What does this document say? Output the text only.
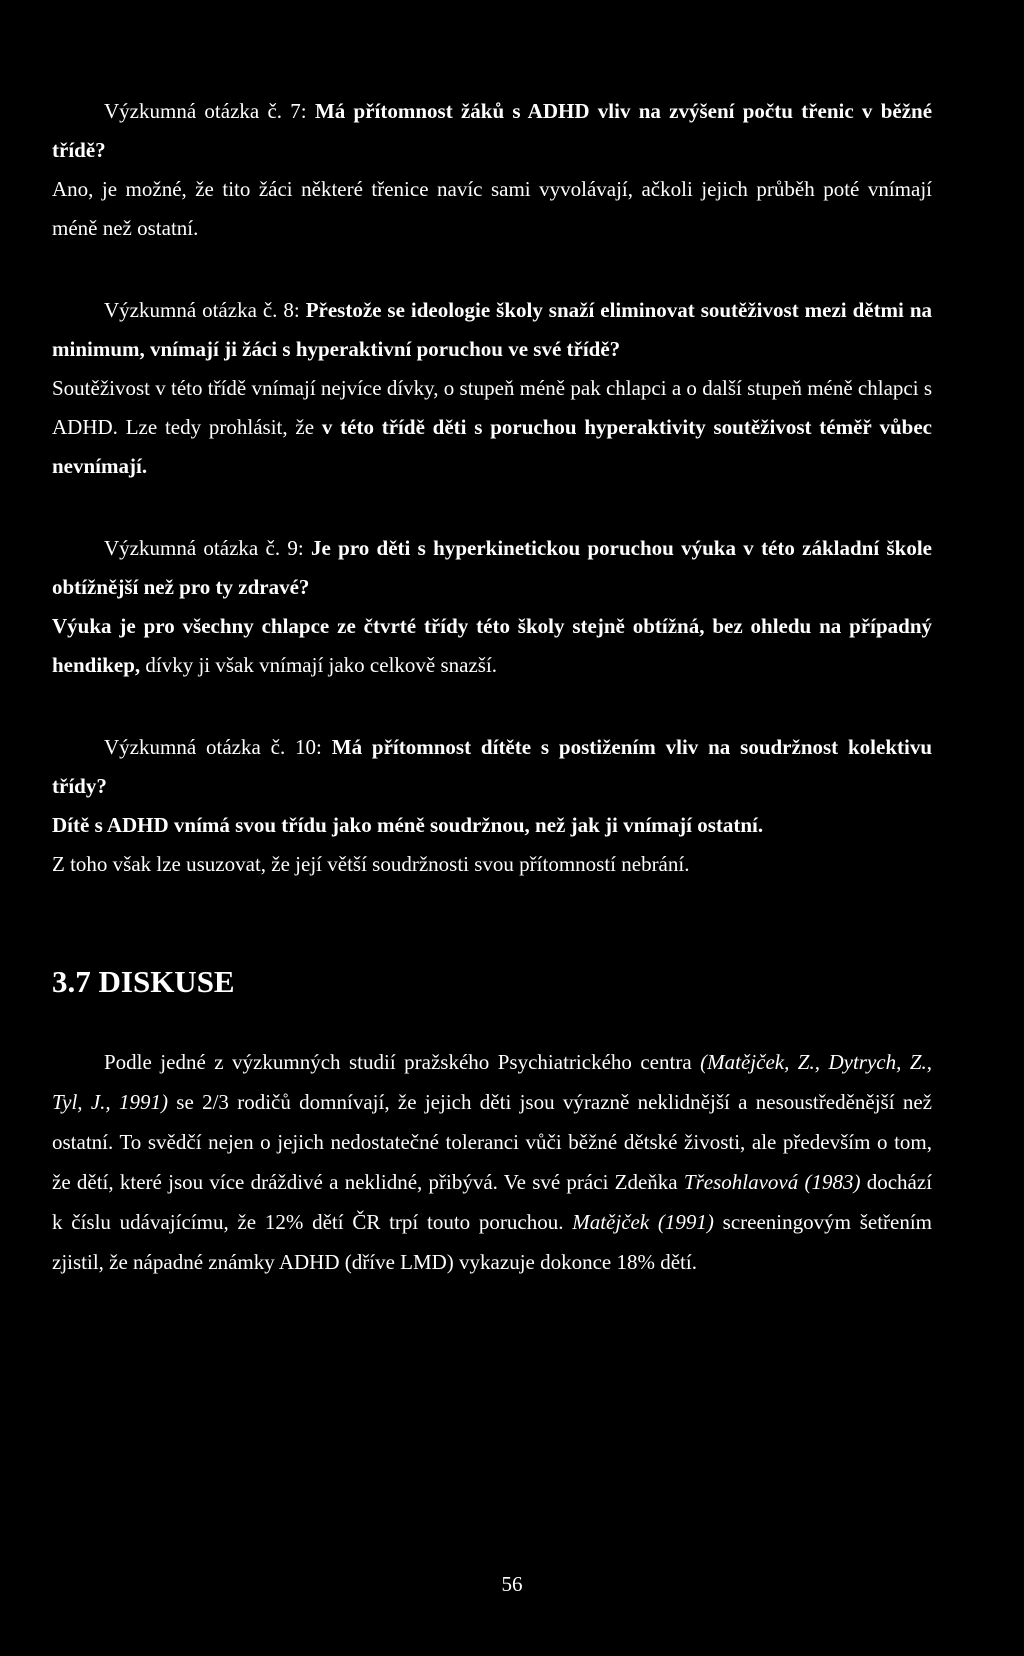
Výzkumná otázka č. 7: Má přítomnost žáků s ADHD vliv na zvýšení počtu třenic v běžné třídě?

Ano, je možné, že tito žáci některé třenice navíc sami vyvolávají, ačkoli jejich průběh poté vnímají méně než ostatní.

Výzkumná otázka č. 8: Přestože se ideologie školy snaží eliminovat soutěživost mezi dětmi na minimum, vnímají ji žáci s hyperaktivní poruchou ve své třídě?

Soutěživost v této třídě vnímají nejvíce dívky, o stupeň méně pak chlapci a o další stupeň méně chlapci s ADHD. Lze tedy prohlásit, že v této třídě děti s poruchou hyperaktivity soutěživost téměř vůbec nevnímají.

Výzkumná otázka č. 9: Je pro děti s hyperkinetickou poruchou výuka v této základní škole obtížnější než pro ty zdravé?

Výuka je pro všechny chlapce ze čtvrté třídy této školy stejně obtížná, bez ohledu na případný hendikep, dívky ji však vnímají jako celkově snazší.

Výzkumná otázka č. 10: Má přítomnost dítěte s postižením vliv na soudržnost kolektivu třídy?

Dítě s ADHD vnímá svou třídu jako méně soudržnou, než jak ji vnímají ostatní.

Z toho však lze usuzovat, že její větší soudržnosti svou přítomností nebrání.

3.7 DISKUSE

Podle jedné z výzkumných studií pražského Psychiatrického centra (Matějček, Z., Dytrych, Z., Tyl, J., 1991) se 2/3 rodičů domnívají, že jejich děti jsou výrazně neklidnější a nesoustředěnější než ostatní. To svědčí nejen o jejich nedostatečné toleranci vůči běžné dětské živosti, ale především o tom, že dětí, které jsou více dráždivé a neklidné, přibývá. Ve své práci Zdeňka Třesohlavová (1983) dochází k číslu udávajícímu, že 12% dětí ČR trpí touto poruchou. Matějček (1991) screeningovým šetřením zjistil, že nápadné známky ADHD (dříve LMD) vykazuje dokonce 18% dětí.

56
